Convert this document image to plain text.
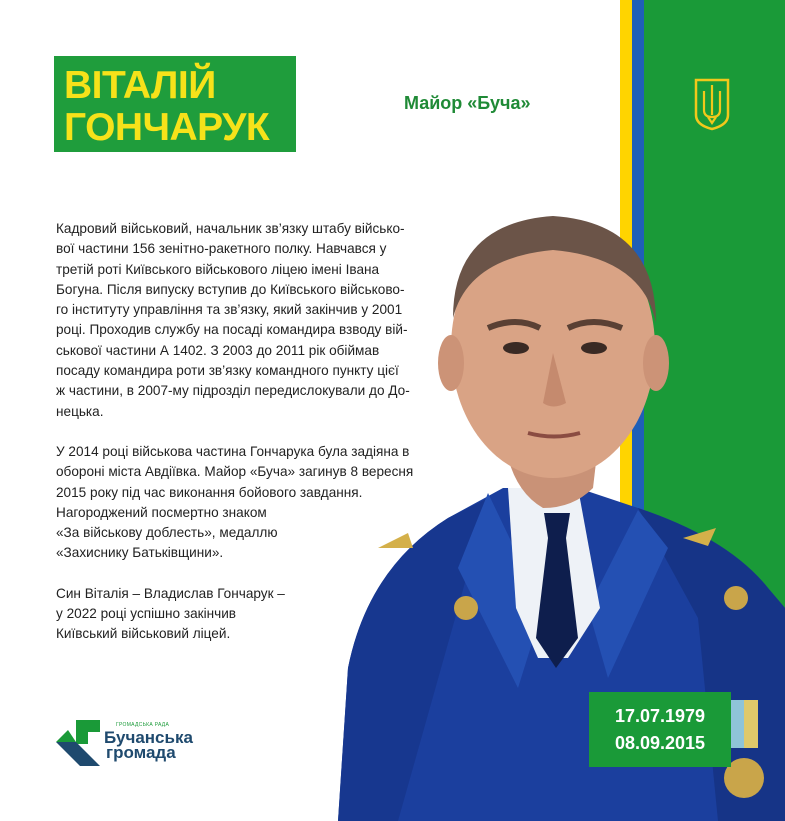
ВІТАЛІЙ
ГОНЧАРУК
Майор «Буча»

Кадровий військовий, начальник зв’язку штабу військо-
вої частини 156 зенітно-ракетного полку. Навчався у
третій роті Київського військового ліцею імені Івана
Богуна. Після випуску вступив до Київського військово-
го інституту управління та зв’язку, який закінчив у 2001
році. Проходив службу на посаді командира взводу вій-
ськової частини А 1402. З 2003 до 2011 рік обіймав
посаду командира роти зв’язку командного пункту цієї
ж частини, в 2007-му підрозділ передислокували до До-
нецька.

У 2014 році військова частина Гончарука була задіяна в
обороні міста Авдіївка. Майор «Буча» загинув 8 вересня
2015 року під час виконання бойового завдання.
Нагороджений посмертно знаком
«За військову доблесть», медаллю
«Захиснику Батьківщини».

Син Віталія – Владислав Гончарук –
у 2022 році успішно закінчив
Київський військовий ліцей.

17.07.1979
08.09.2015
ГРОМАДСЬКА РАДА
Бучанська
громада
